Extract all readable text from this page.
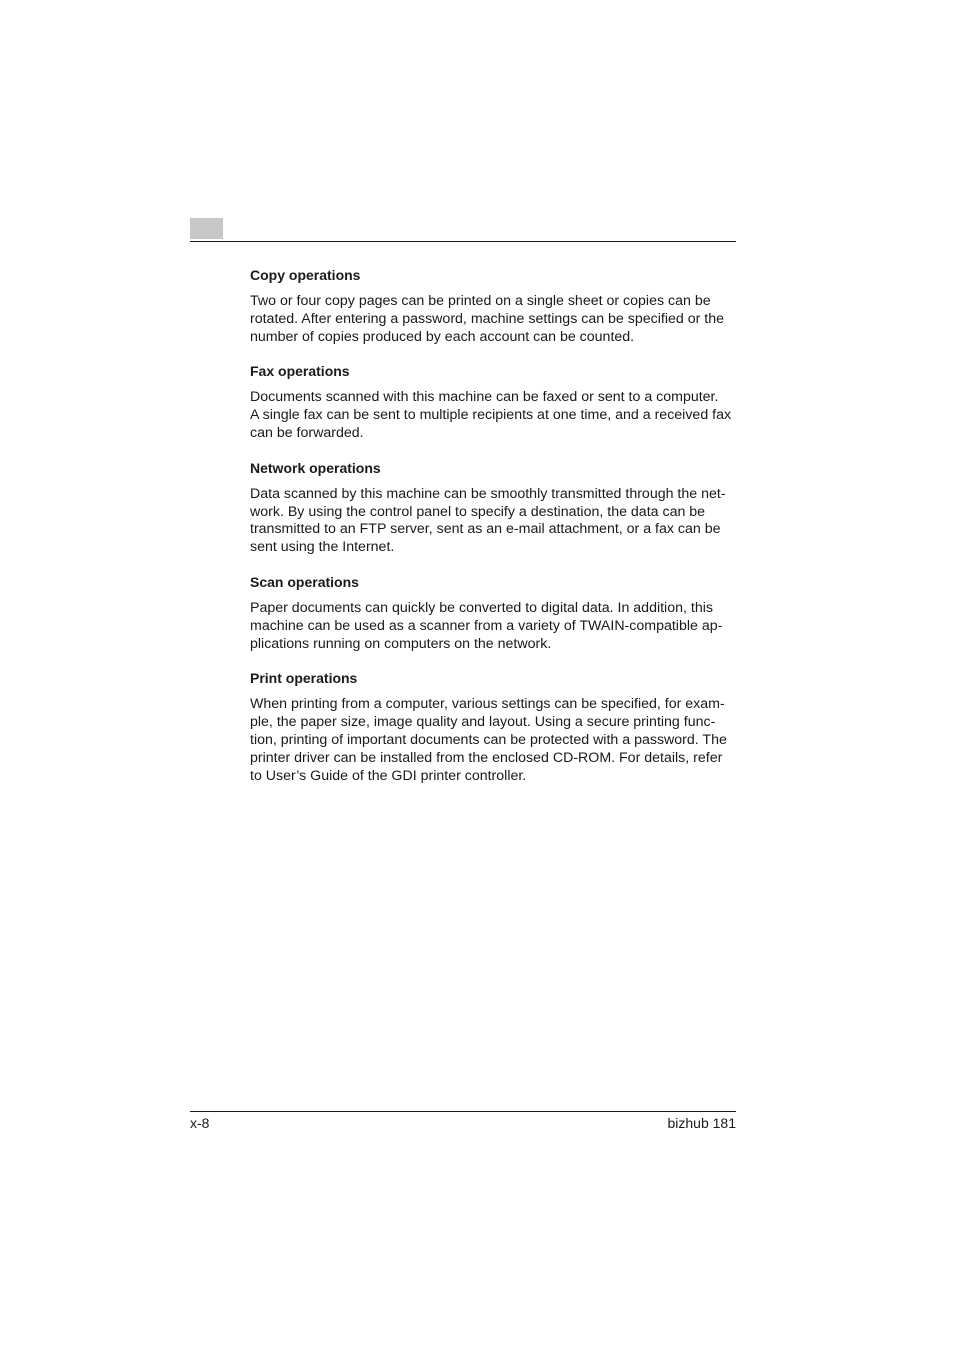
Copy operations

Two or four copy pages can be printed on a single sheet or copies can be
rotated. After entering a password, machine settings can be specified or the
number of copies produced by each account can be counted.

Fax operations

Documents scanned with this machine can be faxed or sent to a computer.
A single fax can be sent to multiple recipients at one time, and a received fax
can be forwarded.

Network operations

Data scanned by this machine can be smoothly transmitted through the net-
work. By using the control panel to specify a destination, the data can be
transmitted to an FTP server, sent as an e-mail attachment, or a fax can be
sent using the Internet.

Scan operations

Paper documents can quickly be converted to digital data. In addition, this
machine can be used as a scanner from a variety of TWAIN-compatible ap-
plications running on computers on the network.

Print operations

When printing from a computer, various settings can be specified, for exam-
ple, the paper size, image quality and layout. Using a secure printing func-
tion, printing of important documents can be protected with a password. The
printer driver can be installed from the enclosed CD-ROM. For details, refer
to User’s Guide of the GDI printer controller.

x-8	bizhub 181
